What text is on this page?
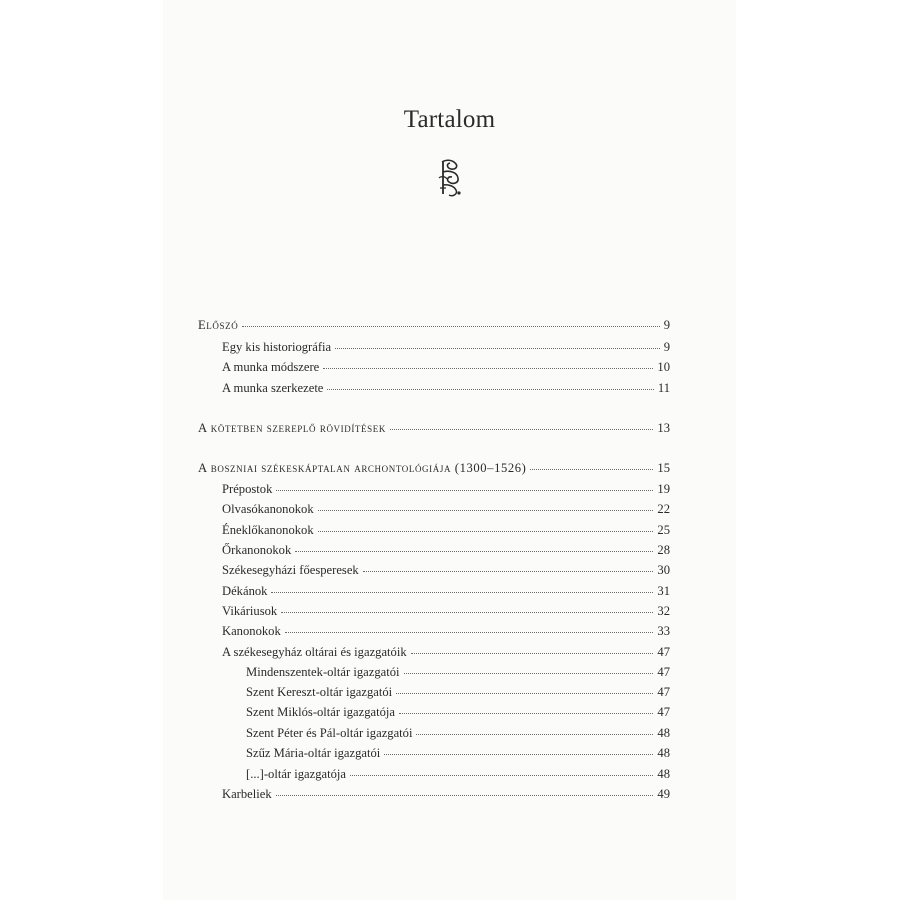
Tartalom
Előszó	9
Egy kis historiográfia	9
A munka módszere	10
A munka szerkezete	11
A kötetben szereplő rövidítések	13
A boszniai székeskáptalan archontológiája (1300–1526)	15
Prépostok	19
Olvasókanonokok	22
Éneklőkanonokok	25
Őrkanonokok	28
Székesegyházi főesperesek	30
Dékánok	31
Vikáriusok	32
Kanonokok	33
A székesegyház oltárai és igazgatóik	47
Mindenszentek-oltár igazgatói	47
Szent Kereszt-oltár igazgatói	47
Szent Miklós-oltár igazgatója	47
Szent Péter és Pál-oltár igazgatói	48
Szűz Mária-oltár igazgatói	48
[...]-oltár igazgatója	48
Karbeliek	49
